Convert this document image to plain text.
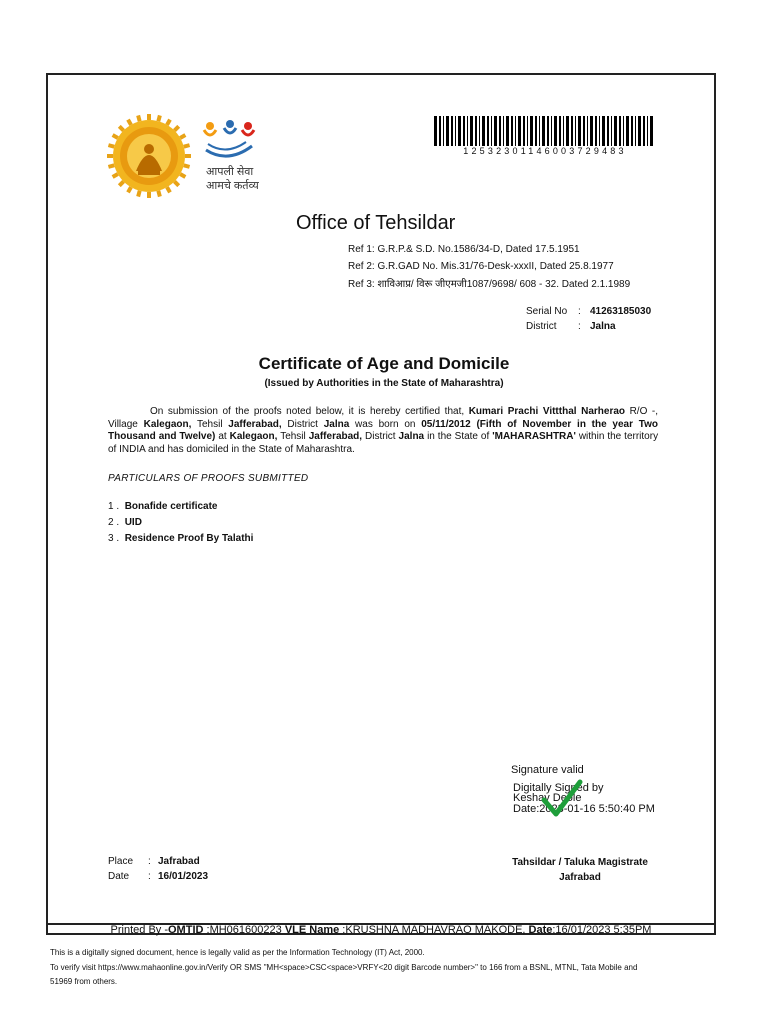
आपली सेवा
आमचे कर्तव्य
12532301146003729483
Office of Tehsildar
Ref 1: G.R.P.& S.D. No.1586/34-D, Dated 17.5.1951
Ref 2: G.R.GAD No. Mis.31/76-Desk-xxxII, Dated 25.8.1977
Ref 3: शाविआप्र/ विरू जीएमजी1087/9698/ 608 - 32. Dated 2.1.1989
Serial No : 41263185030
District : Jalna
Certificate of Age and Domicile
(Issued by Authorities in the State of Maharashtra)
On submission of the proofs noted below, it is hereby certified that, Kumari Prachi Vittthal Narherao R/O -, Village Kalegaon, Tehsil Jafferabad, District Jalna was born on 05/11/2012 (Fifth of November in the year Two Thousand and Twelve) at Kalegaon, Tehsil Jafferabad, District Jalna in the State of 'MAHARASHTRA' within the territory of INDIA and has domiciled in the State of Maharashtra.
PARTICULARS OF PROOFS SUBMITTED
1 . Bonafide certificate
2 . UID
3 . Residence Proof By Talathi
Signature valid
Digitally Signed by
Keshav Deole
Date:2023-01-16 5:50:40 PM
Place : Jafrabad
Date : 16/01/2023
Tahsildar / Taluka Magistrate
Jafrabad
Printed By -OMTID :MH061600223 VLE Name :KRUSHNA MADHAVRAO MAKODE, Date:16/01/2023 5:35PM
This is a digitally signed document, hence is legally valid as per the Information Technology (IT) Act, 2000.
To verify visit https://www.mahaonline.gov.in/Verify OR SMS "MH<space>CSC<space>VRFY<20 digit Barcode number>" to 166 from a BSNL, MTNL, Tata Mobile and
51969 from others.
